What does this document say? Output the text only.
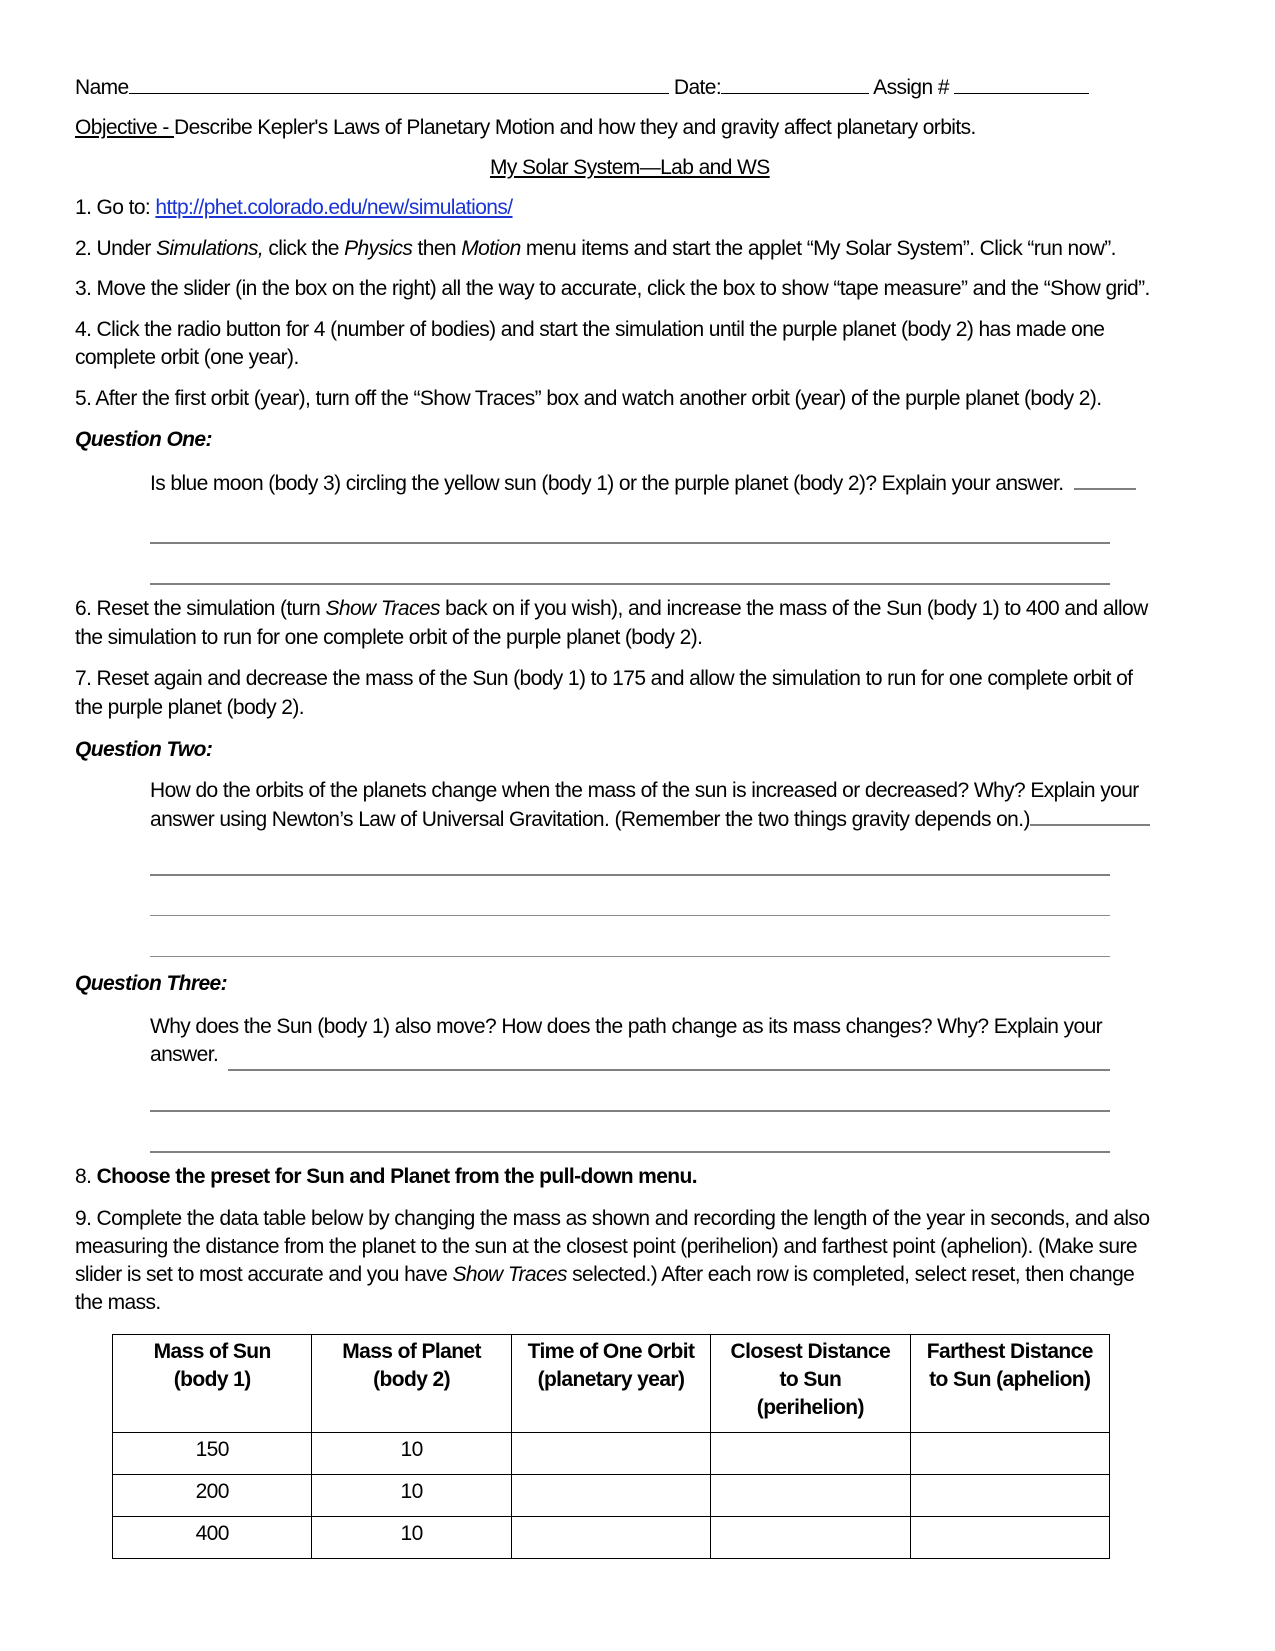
Name	Date:	Assign #
Objective - Describe Kepler's Laws of Planetary Motion and how they and gravity affect planetary orbits.
My Solar System—Lab and WS
1. Go to: http://phet.colorado.edu/new/simulations/
2. Under Simulations, click the Physics then Motion menu items and start the applet “My Solar System”. Click “run now”.
3. Move the slider (in the box on the right) all the way to accurate, click the box to show “tape measure” and the “Show grid”.
4. Click the radio button for 4 (number of bodies) and start the simulation until the purple planet (body 2) has made one
complete orbit (one year).
5. After the first orbit (year), turn off the “Show Traces” box and watch another orbit (year) of the purple planet (body 2).
Question One:
Is blue moon (body 3) circling the yellow sun (body 1) or the purple planet (body 2)? Explain your answer.
6. Reset the simulation (turn Show Traces back on if you wish), and increase the mass of the Sun (body 1) to 400 and allow
the simulation to run for one complete orbit of the purple planet (body 2).
7. Reset again and decrease the mass of the Sun (body 1) to 175 and allow the simulation to run for one complete orbit of
the purple planet (body 2).
Question Two:
How do the orbits of the planets change when the mass of the sun is increased or decreased? Why? Explain your
answer using Newton’s Law of Universal Gravitation. (Remember the two things gravity depends on.)
Question Three:
Why does the Sun (body 1) also move? How does the path change as its mass changes? Why? Explain your
answer.
8. Choose the preset for Sun and Planet from the pull-down menu.
9. Complete the data table below by changing the mass as shown and recording the length of the year in seconds, and also
measuring the distance from the planet to the sun at the closest point (perihelion) and farthest point (aphelion). (Make sure
slider is set to most accurate and you have Show Traces selected.) After each row is completed, select reset, then change
the mass.
Mass of Sun
(body 1)

Mass of Planet
(body 2)

Time of One Orbit
(planetary year)

Closest Distance
to Sun
(perihelion)

Farthest Distance
to Sun (aphelion)

150	10			
200	10			
400	10			
